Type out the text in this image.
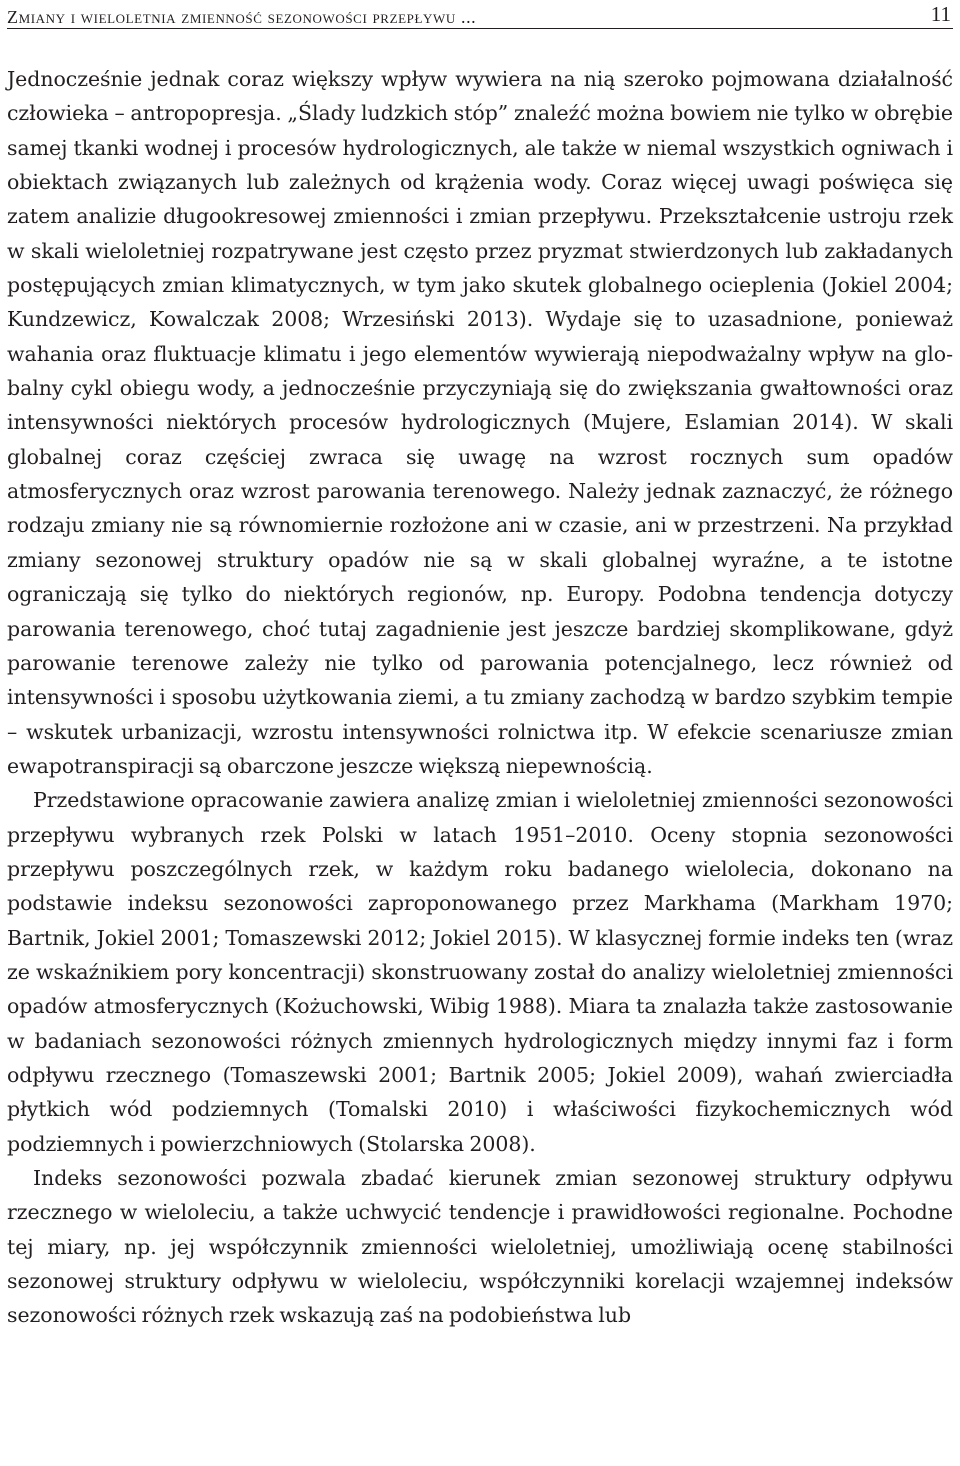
Zmiany i wieloletnia zmienność sezonowości przepływu ...	11

Jednocześnie jednak coraz większy wpływ wywiera na nią szeroko pojmowana działalność człowieka – antropopresja. „Ślady ludzkich stóp” znaleźć można bowiem nie tylko w obrębie samej tkanki wodnej i procesów hydrologicznych, ale także w niemal wszystkich ogniwach i obiektach związanych lub zależnych od krążenia wody. Coraz więcej uwagi poświęca się zatem analizie długookresowej zmienności i zmian przepływu. Przekształcenie ustroju rzek w skali wieloletniej rozpatrywane jest często przez pryzmat stwierdzonych lub zakładanych postępujących zmian klimatycznych, w tym jako skutek globalnego ocieplenia (Jokiel 2004; Kundzewicz, Kowalczak 2008; Wrzesiński 2013). Wydaje się to uzasadnione, ponieważ wahania oraz fluktuacje klimatu i jego elementów wywierają niepodważalny wpływ na globalny cykl obiegu wody, a jednocześnie przyczyniają się do zwiększania gwałtowności oraz intensywności niektórych procesów hydrologicznych (Mujere, Eslamian 2014). W skali globalnej coraz częściej zwraca się uwagę na wzrost rocznych sum opadów atmosferycznych oraz wzrost parowania terenowego. Należy jednak zaznaczyć, że różnego rodzaju zmiany nie są równomiernie rozłożone ani w czasie, ani w przestrzeni. Na przykład zmiany sezonowej struktury opadów nie są w skali globalnej wyraźne, a te istotne ograniczają się tylko do niektórych regionów, np. Europy. Podobna tendencja dotyczy parowania terenowego, choć tutaj zagadnienie jest jeszcze bardziej skomplikowane, gdyż parowanie terenowe zależy nie tylko od parowania potencjalnego, lecz również od intensywności i sposobu użytkowania ziemi, a tu zmiany zachodzą w bardzo szybkim tempie – wskutek urbanizacji, wzrostu intensywności rolnictwa itp. W efekcie scenariusze zmian ewapotranspiracji są obarczone jeszcze większą niepewnością.

Przedstawione opracowanie zawiera analizę zmian i wieloletniej zmienności sezonowości przepływu wybranych rzek Polski w latach 1951–2010. Oceny stopnia sezonowości przepływu poszczególnych rzek, w każdym roku badanego wielolecia, dokonano na podstawie indeksu sezonowości zaproponowanego przez Markhama (Markham 1970; Bartnik, Jokiel 2001; Tomaszewski 2012; Jokiel 2015). W klasycznej formie indeks ten (wraz ze wskaźnikiem pory koncentracji) skonstruowany został do analizy wieloletniej zmienności opadów atmosferycznych (Kożuchowski, Wibig 1988). Miara ta znalazła także zastosowanie w badaniach sezonowości różnych zmiennych hydrologicznych między innymi faz i form odpływu rzecznego (Tomaszewski 2001; Bartnik 2005; Jokiel 2009), wahań zwierciadła płytkich wód podziemnych (Tomalski 2010) i właściwości fizykochemicznych wód podziemnych i powierzchniowych (Stolarska 2008).

Indeks sezonowości pozwala zbadać kierunek zmian sezonowej struktury odpływu rzecznego w wieloleciu, a także uchwycić tendencje i prawidłowości regionalne. Pochodne tej miary, np. jej współczynnik zmienności wieloletniej, umożliwiają ocenę stabilności sezonowej struktury odpływu w wieloleciu, współczynniki korelacji wzajemnej indeksów sezonowości różnych rzek wskazują zaś na podobieństwa lub
